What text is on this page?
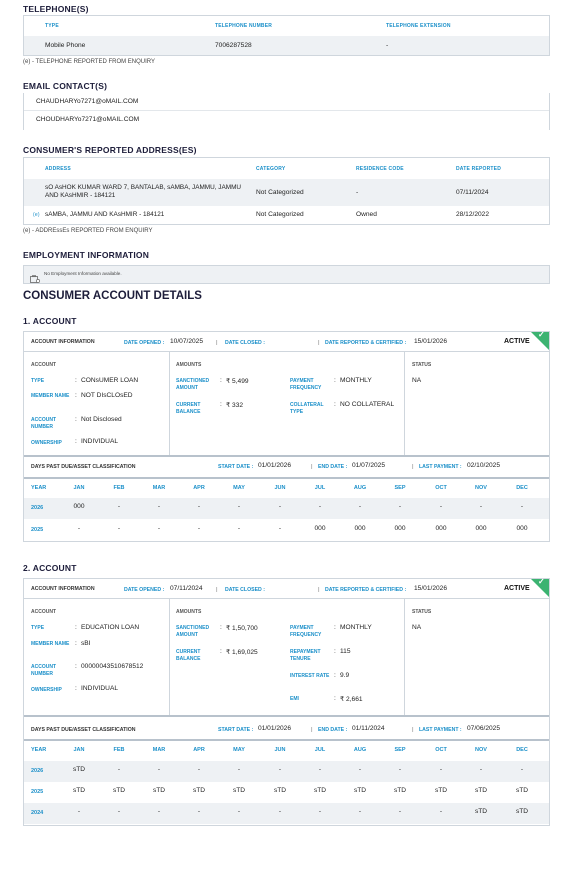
TELEPHONE(S)
TYPE	TELEPHONE NUMBER	TELEPHONE EXTENSION
Mobile Phone	7006287528	-
(e) - TELEPHONE REPORTED FROM ENQUIRY
EMAIL CONTACT(S)
CHAUDHARYo7271@oMAIL.COM
CHOUDHARYo7271@oMAIL.COM
CONSUMER'S REPORTED ADDRESS(ES)
ADDRESS	CATEGORY	RESIDENCE CODE	DATE REPORTED
sO AsHOK KUMAR WARD 7, BANTALAB, sAMBA, JAMMU, JAMMU AND KAsHMIR - 184121	Not Categorized	-	07/11/2024
(e) sAMBA, JAMMU AND KAsHMIR - 184121	Not Categorized	Owned	28/12/2022
(e) - ADDREssEs REPORTED FROM ENQUIRY
EMPLOYMENT INFORMATION
No Employment Information available.
CONSUMER ACCOUNT DETAILS
1. ACCOUNT
ACCOUNT INFORMATION	DATE OPENED : 10/07/2025 | DATE CLOSED :	| DATE REPORTED & CERTIFIED : 15/01/2026	ACTIVE
✓
ACCOUNT	AMOUNTS	STATUS
TYPE	: CONsUMER LOAN
MEMBER NAME : NOT DIsCLOsED
ACCOUNT NUMBER
: Not Disclosed
OWNERSHIP : INDIVIDUAL
SANCTIONED AMOUNT
: ₹ 5,499
CURRENT BALANCE
: ₹ 332
PAYMENT FREQUENCY
: MONTHLY
COLLATERAL TYPE
: NO COLLATERAL
NA
DAYS PAST DUE/ASSET CLASSIFICATION	START DATE : 01/01/2026	| END DATE : 01/07/2025	| LAST PAYMENT : 02/10/2025
YEAR	JAN	FEB	MAR	APR	MAY	JUN	JUL	AUG	SEP	OCT	NOV	DEC
2026	000	-	-	-	-	-	-	-	-	-	-	-
2025	-	-	-	-	-	-	000	000	000	000	000	000
2. ACCOUNT
ACCOUNT INFORMATION	DATE OPENED : 07/11/2024	| DATE CLOSED :	| DATE REPORTED & CERTIFIED : 15/01/2026	ACTIVE
✓
ACCOUNT	AMOUNTS	STATUS
TYPE	: EDUCATION LOAN
MEMBER NAME : sBI
ACCOUNT NUMBER
: 00000043510678512
OWNERSHIP : INDIVIDUAL
SANCTIONED AMOUNT
: ₹ 1,50,700
CURRENT BALANCE
: ₹ 1,69,025
PAYMENT FREQUENCY
: MONTHLY
REPAYMENT TENURE
: 115
INTEREST RATE : 9.9
EMI	: ₹ 2,661
NA
DAYS PAST DUE/ASSET CLASSIFICATION	START DATE : 01/01/2026	| END DATE : 01/11/2024	| LAST PAYMENT : 07/06/2025
YEAR	JAN	FEB	MAR	APR	MAY	JUN	JUL	AUG	SEP	OCT	NOV	DEC
2026	sTD	-	-	-	-	-	-	-	-	-	-	-
2025	sTD	sTD	sTD	sTD	sTD	sTD	sTD	sTD	sTD	sTD	sTD	sTD
2024	-	-	-	-	-	-	-	-	-	-	sTD	sTD
